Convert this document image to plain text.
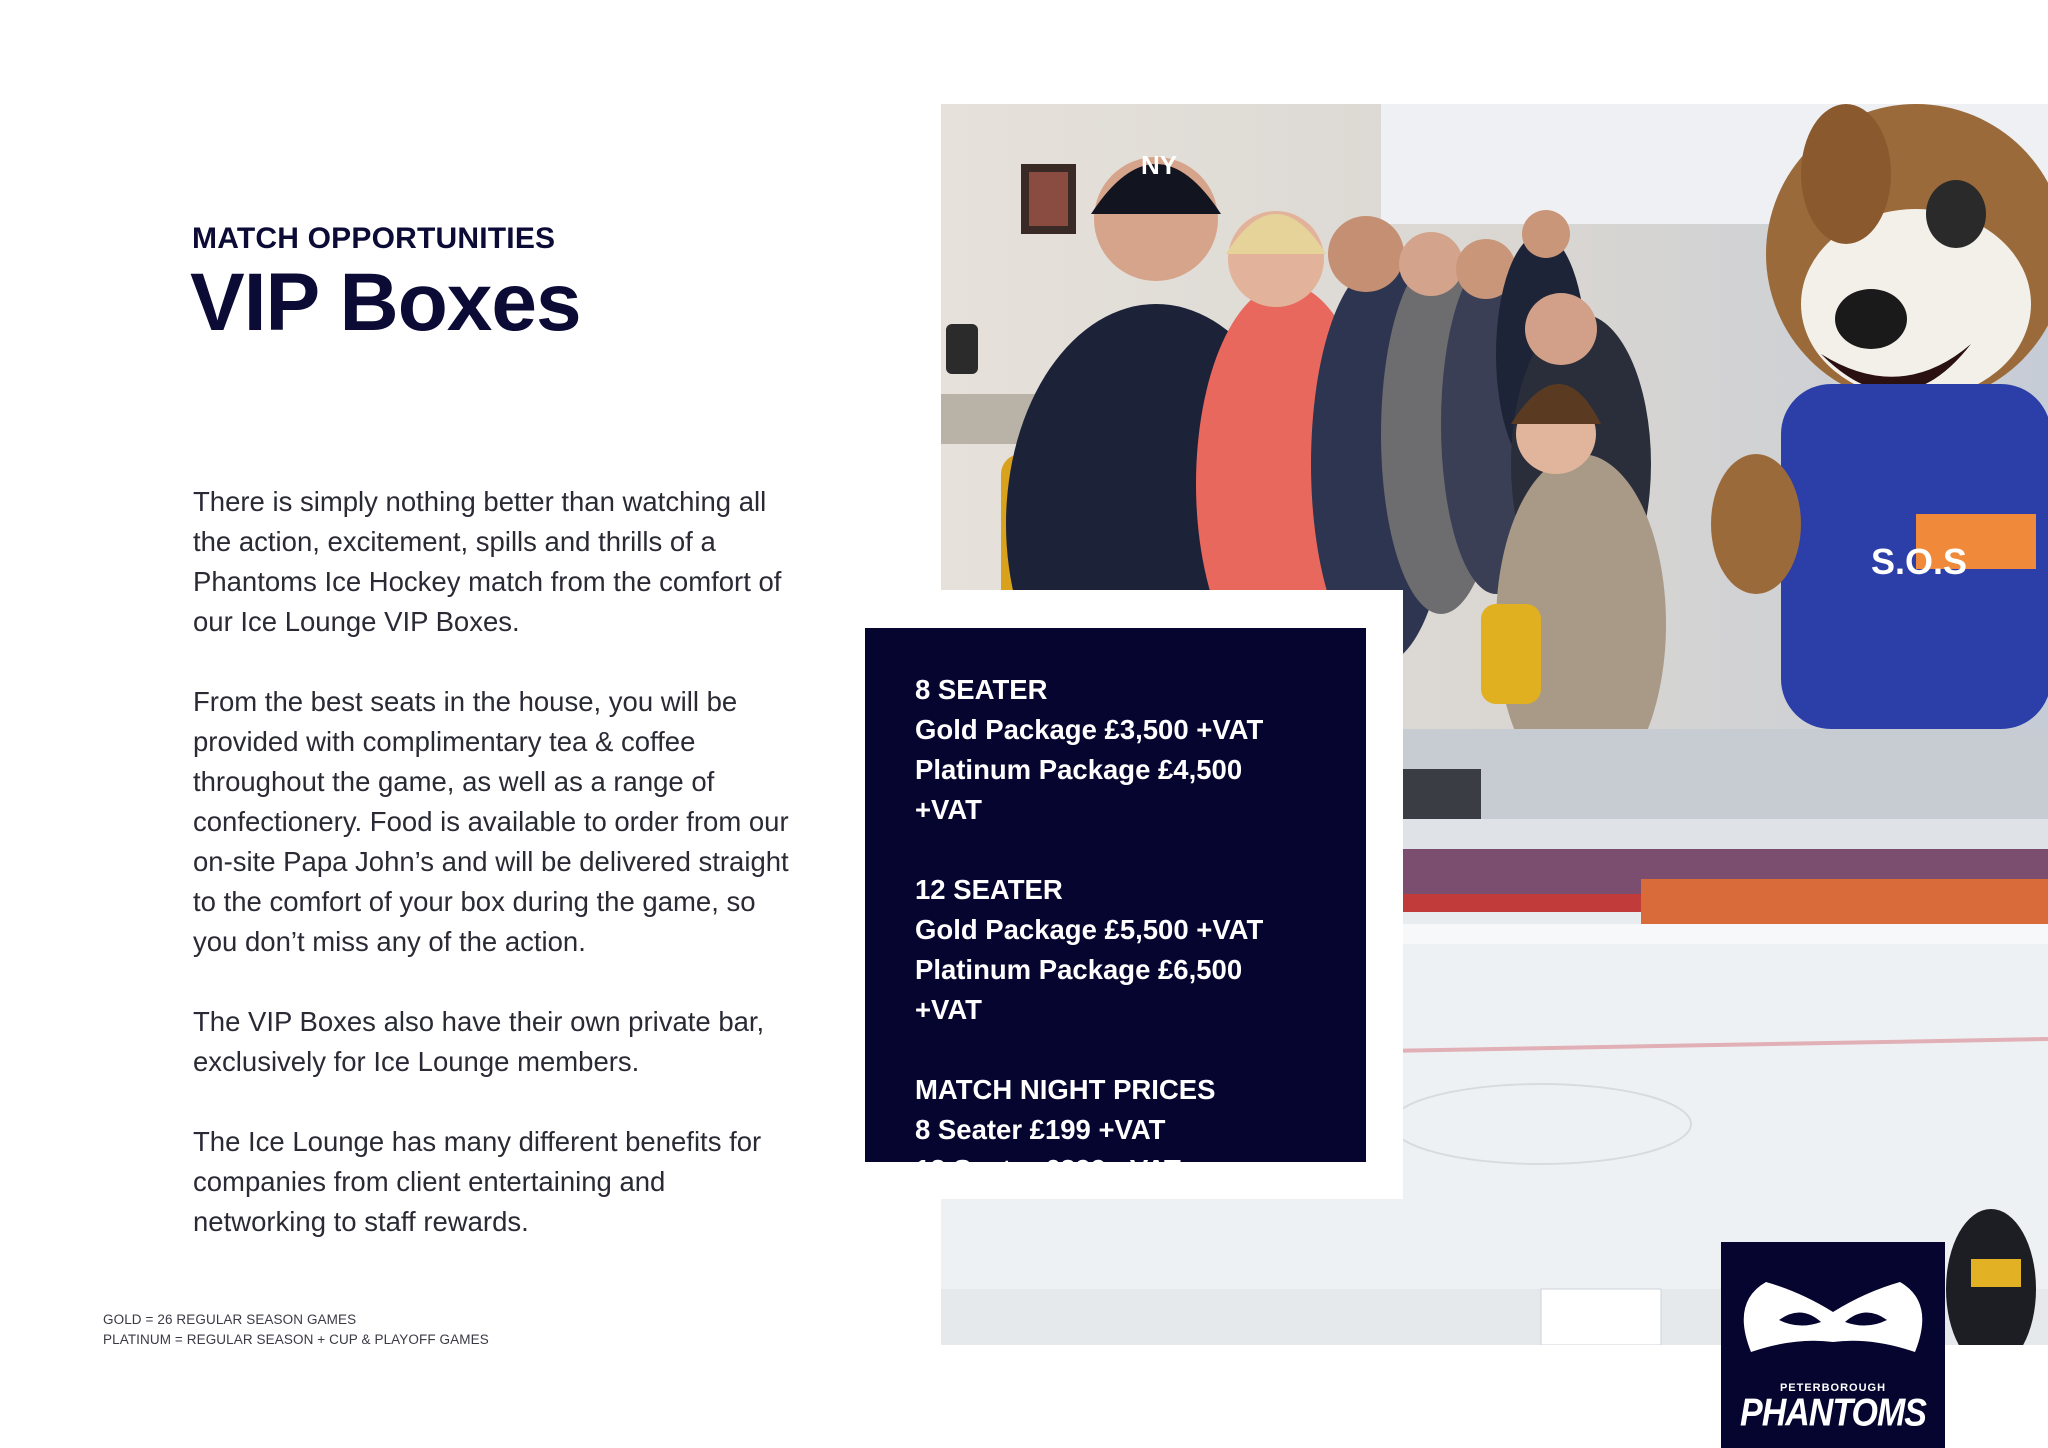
MATCH OPPORTUNITIES
VIP Boxes

There is simply nothing better than watching all the action, excitement, spills and thrills of a Phantoms Ice Hockey match from the comfort of our Ice Lounge VIP Boxes.

From the best seats in the house, you will be provided with complimentary tea & coffee throughout the game, as well as a range of confectionery. Food is available to order from our on-site Papa John’s and will be delivered straight to the comfort of your box during the game, so you don’t miss any of the action.

The VIP Boxes also have their own private bar, exclusively for Ice Lounge members.

The Ice Lounge has many different benefits for companies from client entertaining and networking to staff rewards.

GOLD = 26 REGULAR SEASON GAMES
PLATINUM = REGULAR SEASON + CUP & PLAYOFF GAMES
NY
S.O.S
8 SEATER
Gold Package £3,500 +VAT
Platinum Package £4,500 +VAT
12 SEATER
Gold Package £5,500 +VAT
Platinum Package £6,500 +VAT
MATCH NIGHT PRICES
8 Seater £199 +VAT
12 Seater £299 +VAT
PETERBOROUGH
PHANTOMS
